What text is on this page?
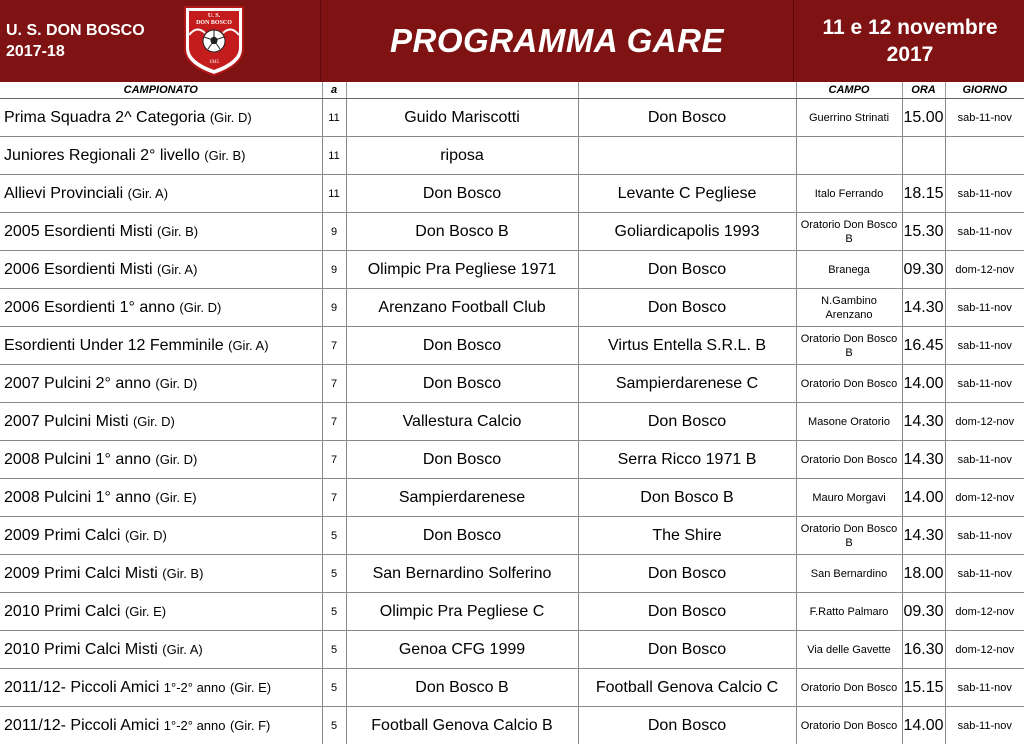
U. S. DON BOSCO
2017-18
U. S.
DON BOSCO
1945
PROGRAMMA GARE	11 e 12 novembre
2017
CAMPIONATO	a			CAMPO	ORA	GIORNO
Prima Squadra 2^ Categoria (Gir. D)	11	Guido Mariscotti	Don Bosco	Guerrino Strinati	15.00	sab-11-nov
Juniores Regionali 2° livello (Gir. B)	11	riposa				
Allievi Provinciali (Gir. A)	11	Don Bosco	Levante C Pegliese	Italo Ferrando	18.15	sab-11-nov
2005 Esordienti Misti (Gir. B)	9	Don Bosco B	Goliardicapolis 1993	Oratorio Don Bosco B	15.30	sab-11-nov
2006 Esordienti Misti (Gir. A)	9	Olimpic Pra Pegliese 1971	Don Bosco	Branega	09.30	dom-12-nov
2006 Esordienti 1° anno (Gir. D)	9	Arenzano Football Club	Don Bosco	N.Gambino Arenzano	14.30	sab-11-nov
Esordienti Under 12 Femminile (Gir. A)	7	Don Bosco	Virtus Entella S.R.L. B	Oratorio Don Bosco B	16.45	sab-11-nov
2007 Pulcini 2° anno (Gir. D)	7	Don Bosco	Sampierdarenese C	Oratorio Don Bosco	14.00	sab-11-nov
2007 Pulcini Misti (Gir. D)	7	Vallestura Calcio	Don Bosco	Masone Oratorio	14.30	dom-12-nov
2008 Pulcini 1° anno (Gir. D)	7	Don Bosco	Serra Ricco 1971 B	Oratorio Don Bosco	14.30	sab-11-nov
2008 Pulcini 1° anno (Gir. E)	7	Sampierdarenese	Don Bosco B	Mauro Morgavi	14.00	dom-12-nov
2009 Primi Calci (Gir. D)	5	Don Bosco	The Shire	Oratorio Don Bosco B	14.30	sab-11-nov
2009 Primi Calci Misti (Gir. B)	5	San Bernardino Solferino	Don Bosco	San Bernardino	18.00	sab-11-nov
2010 Primi Calci (Gir. E)	5	Olimpic Pra Pegliese C	Don Bosco	F.Ratto Palmaro	09.30	dom-12-nov
2010 Primi Calci Misti (Gir. A)	5	Genoa CFG 1999	Don Bosco	Via delle Gavette	16.30	dom-12-nov
2011/12- Piccoli Amici 1°-2° anno (Gir. E)	5	Don Bosco B	Football Genova Calcio C	Oratorio Don Bosco	15.15	sab-11-nov
2011/12- Piccoli Amici 1°-2° anno (Gir. F)	5	Football Genova Calcio B	Don Bosco	Oratorio Don Bosco	14.00	sab-11-nov
